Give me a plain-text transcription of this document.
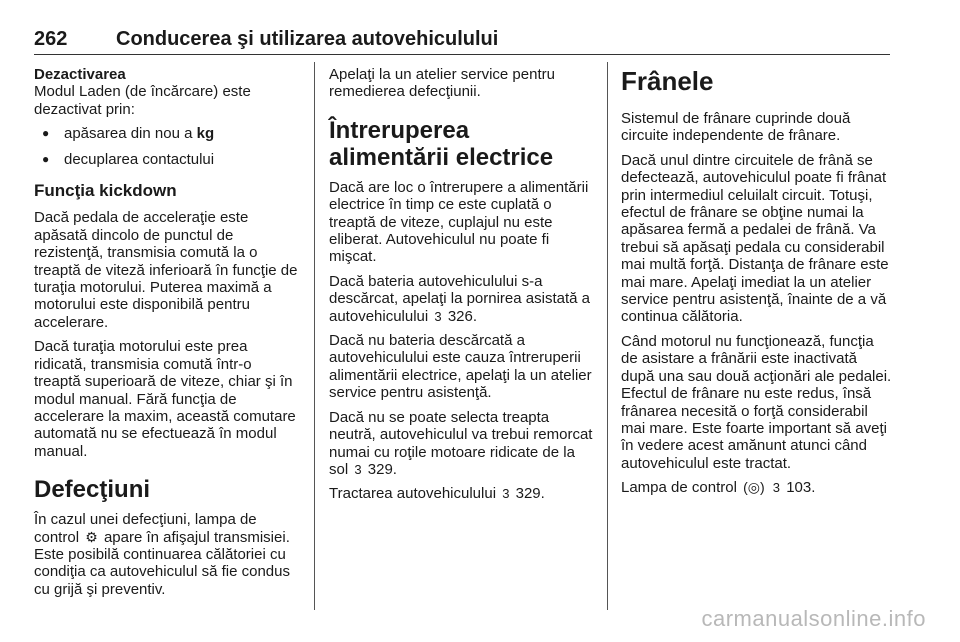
262 Conducerea şi utilizarea autovehiculului

Dezactivarea

Modul Laden (de încărcare) este dezactivat prin:

● apăsarea din nou a kg
● decuplarea contactului

Funcţia kickdown

Dacă pedala de acceleraţie este apăsată dincolo de punctul de rezistenţă, transmisia comută la o treaptă de viteză inferioară în funcţie de turaţia motorului. Puterea maximă a motorului este disponibilă pentru accelerare.

Dacă turaţia motorului este prea ridicată, transmisia comută într-o treaptă superioară de viteze, chiar şi în modul manual. Fără funcţia de accelerare la maxim, această comutare automată nu se efectuează în modul manual.

Defecţiuni

În cazul unei defecţiuni, lampa de control ⚙ apare în afişajul transmisiei. Este posibilă continuarea călătoriei cu condiţia ca autovehiculul să fie condus cu grijă şi preventiv.

Apelaţi la un atelier service pentru remedierea defecţiunii.

Întreruperea alimentării electrice

Dacă are loc o întrerupere a alimentării electrice în timp ce este cuplată o treaptă de viteze, cuplajul nu este eliberat. Autovehiculul nu poate fi mişcat.

Dacă bateria autovehiculului s-a descărcat, apelaţi la pornirea asistată a autovehiculului 3 326.

Dacă nu bateria descărcată a autovehiculului este cauza întreruperii alimentării electrice, apelaţi la un atelier service pentru asistenţă.

Dacă nu se poate selecta treapta neutră, autovehiculul va trebui remorcat numai cu roţile motoare ridicate de la sol 3 329.

Tractarea autovehiculului 3 329.

Frânele

Sistemul de frânare cuprinde două circuite independente de frânare.

Dacă unul dintre circuitele de frână se defectează, autovehiculul poate fi frânat prin intermediul celuilalt circuit. Totuşi, efectul de frânare se obţine numai la apăsarea fermă a pedalei de frână. Va trebui să apăsaţi pedala cu considerabil mai multă forţă. Distanţa de frânare este mai mare. Apelaţi imediat la un atelier service pentru asistenţă, înainte de a vă continua călătoria.

Când motorul nu funcţionează, funcţia de asistare a frânării este inactivată după una sau două acţionări ale pedalei. Efectul de frânare nu este redus, însă frânarea necesită o forţă considerabil mai mare. Este foarte important să aveţi în vedere acest amănunt atunci când autovehiculul este tractat.

Lampa de control (◎) 3 103.

carmanualsonline.info
